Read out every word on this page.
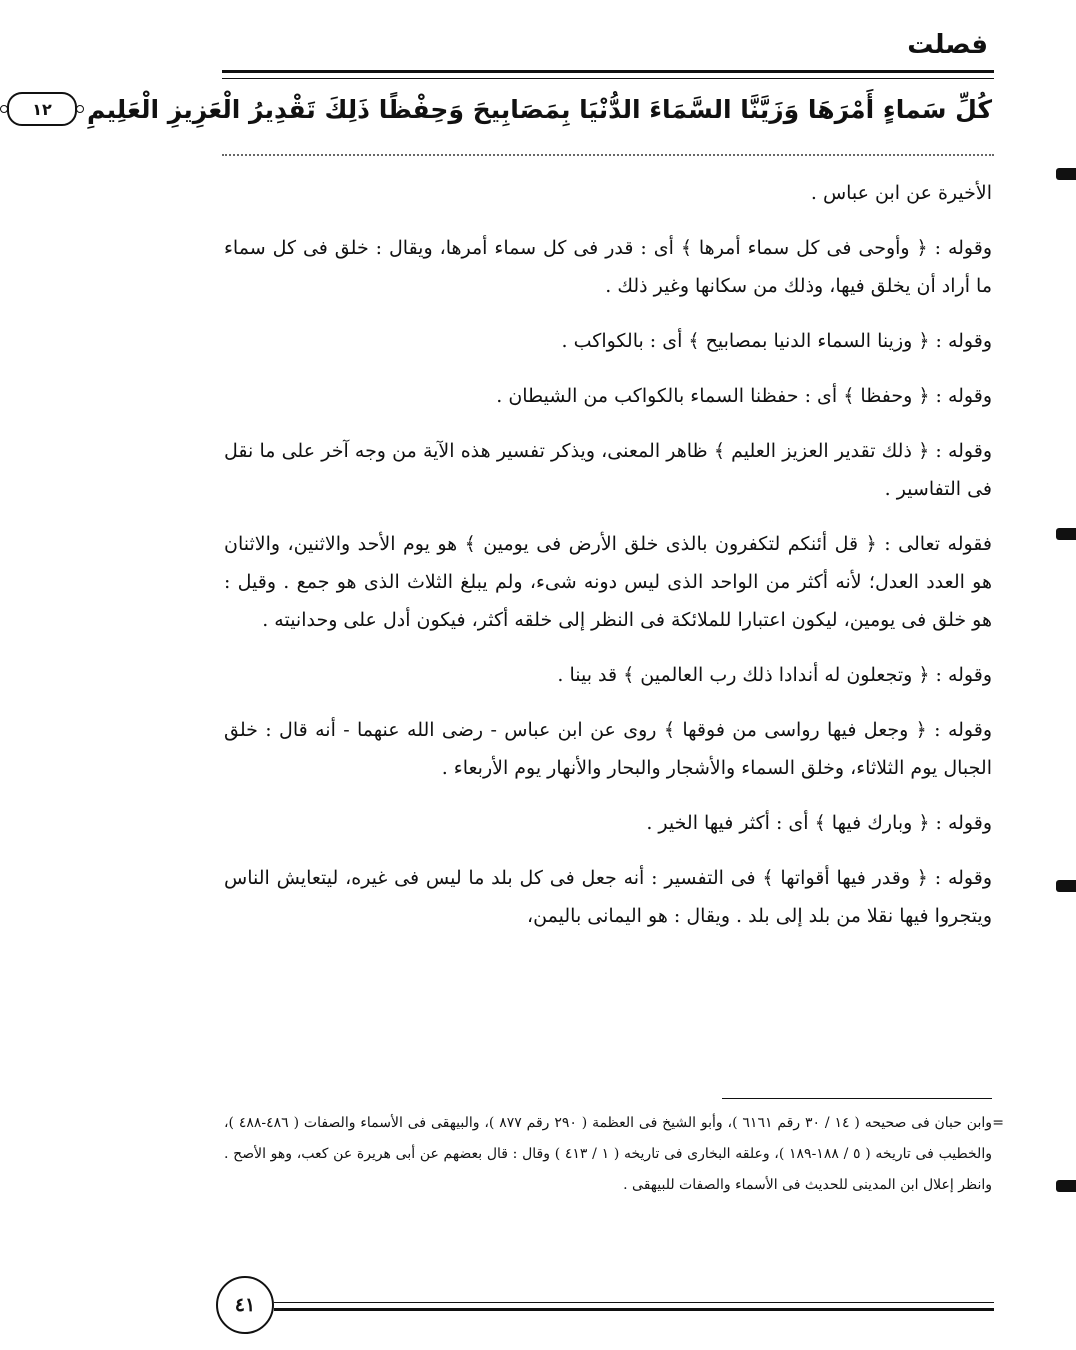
فصلت
كُلِّ سَماءٍ أَمْرَهَا وَزَيَّنَّا السَّمَاءَ الدُّنْيَا بِمَصَابِيحَ وَحِفْظًا ذَلِكَ تَقْدِيرُ الْعَزِيزِ الْعَلِيمِ
١٢

الأخيرة عن ابن عباس .

وقوله : ﴿ وأوحى فى كل سماء أمرها ﴾ أى : قدر فى كل سماء أمرها، ويقال : خلق فى كل سماء ما أراد أن يخلق فيها، وذلك من سكانها وغير ذلك .

وقوله : ﴿ وزينا السماء الدنيا بمصابيح ﴾ أى : بالكواكب .

وقوله : ﴿ وحفظا ﴾ أى : حفظنا السماء بالكواكب من الشيطان .

وقوله : ﴿ ذلك تقدير العزيز العليم ﴾ ظاهر المعنى، ويذكر تفسير هذه الآية من وجه آخر على ما نقل فى التفاسير .

فقوله تعالى : ﴿ قل أئنكم لتكفرون بالذى خلق الأرض فى يومين ﴾ هو يوم الأحد والاثنين، والاثنان هو العدد العدل؛ لأنه أكثر من الواحد الذى ليس دونه شىء، ولم يبلغ الثلاث الذى هو جمع . وقيل : هو خلق فى يومين، ليكون اعتبارا للملائكة فى النظر إلى خلقه أكثر، فيكون أدل على وحدانيته .

وقوله : ﴿ وتجعلون له أندادا ذلك رب العالمين ﴾ قد بينا .

وقوله : ﴿ وجعل فيها رواسى من فوقها ﴾ روى عن ابن عباس - رضى الله عنهما - أنه قال : خلق الجبال يوم الثلاثاء، وخلق السماء والأشجار والبحار والأنهار يوم الأربعاء .

وقوله : ﴿ وبارك فيها ﴾ أى : أكثر فيها الخير .

وقوله : ﴿ وقدر فيها أقواتها ﴾ فى التفسير : أنه جعل فى كل بلد ما ليس فى غيره، ليتعايش الناس ويتجروا فيها نقلا من بلد إلى بلد . ويقال : هو اليمانى باليمن،

=

وابن حبان فى صحيحه ( ١٤ / ٣٠ رقم ٦١٦١ )، وأبو الشيخ فى العظمة ( ٢٩٠ رقم ٨٧٧ )، والبيهقى فى الأسماء والصفات ( ٤٨٦-٤٨٨ )، والخطيب فى تاريخه ( ٥ / ١٨٨-١٨٩ )، وعلقه البخارى فى تاريخه ( ١ / ٤١٣ ) وقال : قال بعضهم عن أبى هريرة عن كعب، وهو الأصح . وانظر إعلال ابن المدينى للحديث فى الأسماء والصفات للبيهقى .

٤١
